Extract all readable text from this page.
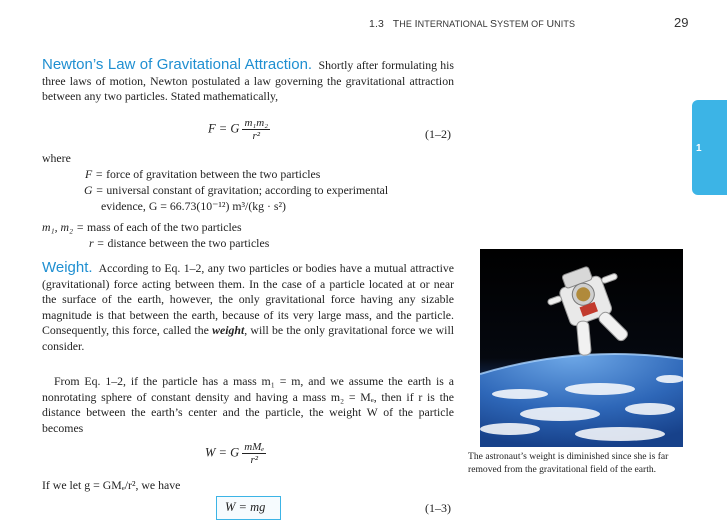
1.3 THE INTERNATIONAL SYSTEM OF UNITS	29
1
Newton’s Law of Gravitational Attraction. Shortly after formulating his three laws of motion, Newton postulated a law governing the gravitational attraction between any two particles. Stated mathematically,
F = G $\frac{\text{m₁m₂}}{\text{r²}}$	(1–2)
where
F = force of gravitation between the two particles
G = universal constant of gravitation; according to experimental
evidence, G = 66.73(10⁻¹²) m³/(kg · s²)
m₁, m₂ = mass of each of the two particles
r = distance between the two particles
Weight. According to Eq. 1–2, any two particles or bodies have a mutual attractive (gravitational) force acting between them. In the case of a particle located at or near the surface of the earth, however, the only gravitational force having any sizable magnitude is that between the earth, because of its very large mass, and the particle. Consequently, this force, called the weight, will be the only gravitational force we will consider.
From Eq. 1–2, if the particle has a mass m₁ = m, and we assume the earth is a nonrotating sphere of constant density and having a mass m₂ = Mₑ, then if r is the distance between the earth’s center and the particle, the weight W of the particle becomes
W = G $\frac{\text{mMₑ}}{\text{r²}}$
If we let g = GMₑ/r², we have
W = mg	(1–3)
The astronaut’s weight is diminished since she is far removed from the gravitational field of the earth.
